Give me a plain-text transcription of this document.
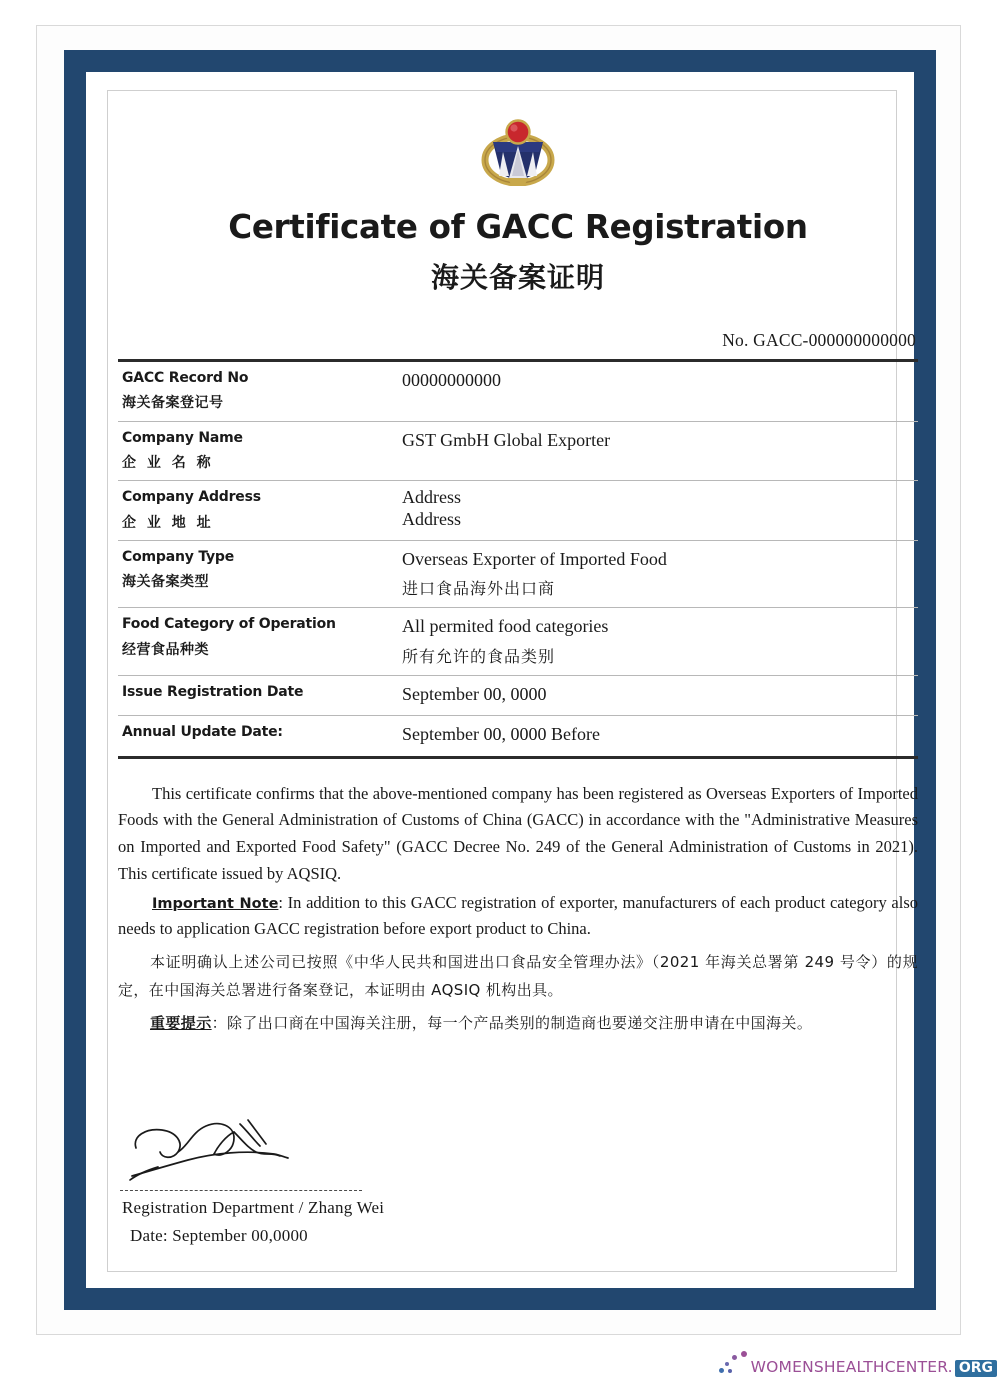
Certificate of GACC Registration
海关备案证明
No. GACC-000000000000
GACC Record No
海关备案登记号
00000000000
Company Name
企 业 名 称
GST GmbH Global Exporter
Company Address
企 业 地 址
Address
Address
Company Type
海关备案类型
Overseas Exporter of Imported Food
进口食品海外出口商
Food Category of Operation
经营食品种类
All permited food categories
所有允许的食品类别
Issue Registration Date	September 00, 0000
Annual Update Date:	September 00, 0000 Before

This certificate confirms that the above-mentioned company has been registered as Overseas Exporters of Imported Foods with the General Administration of Customs of China (GACC) in accordance with the "Administrative Measures on Imported and Exported Food Safety" (GACC Decree No. 249 of the General Administration of Customs in 2021). This certificate issued by AQSIQ.

Important Note: In addition to this GACC registration of exporter, manufacturers of each product category also needs to application GACC registration before export product to China.

本证明确认上述公司已按照《中华人民共和国进出口食品安全管理办法》（2021 年海关总署第 249 号令）的规定，在中国海关总署进行备案登记，本证明由 AQSIQ 机构出具。

重要提示：除了出口商在中国海关注册，每一个产品类别的制造商也要递交注册申请在中国海关。

Registration Department / Zhang Wei
Date: September 00,0000
WOMENSHEALTHCENTER. ORG
